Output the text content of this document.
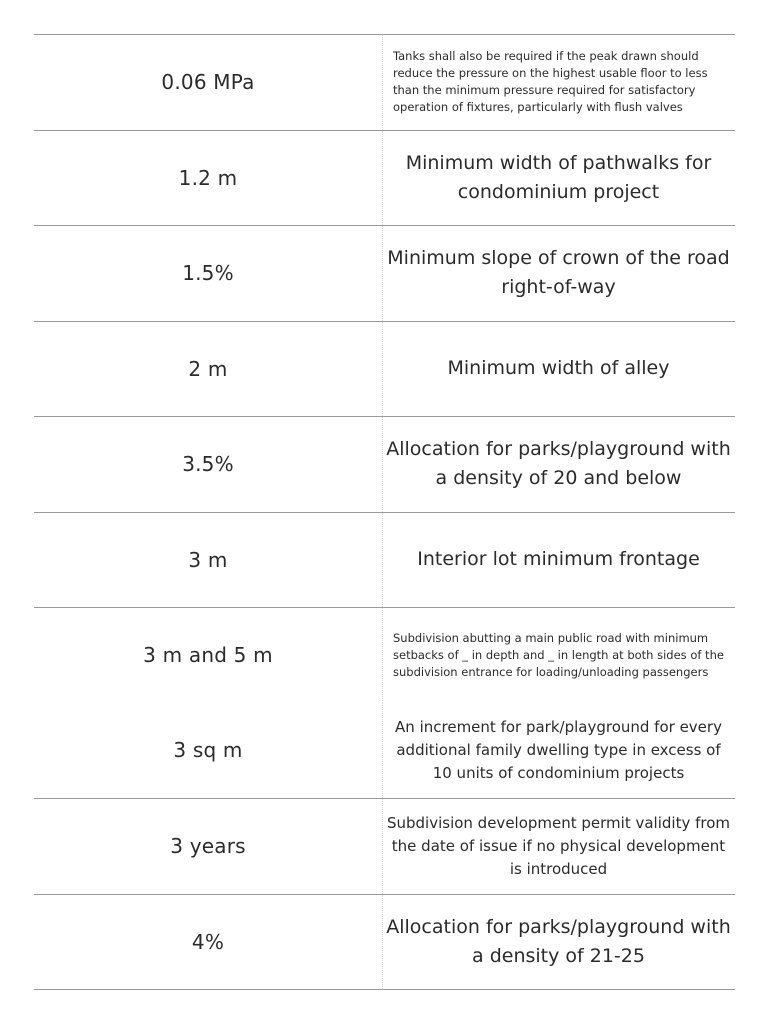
0.06 MPa
Tanks shall also be required if the peak drawn should reduce the pressure on the highest usable floor to less than the minimum pressure required for satisfactory operation of fixtures, particularly with flush valves
1.2 m
Minimum width of pathwalks for condominium project
1.5%
Minimum slope of crown of the road right-of-way
2 m	Minimum width of alley
3.5%
Allocation for parks/playground with a density of 20 and below
3 m	Interior lot minimum frontage
3 m and 5 m
Subdivision abutting a main public road with minimum setbacks of _ in depth and _ in length at both sides of the subdivision entrance for loading/unloading passengers
3 sq m
An increment for park/playground for every additional family dwelling type in excess of 10 units of condominium projects
3 years
Subdivision development permit validity from the date of issue if no physical development is introduced
4%
Allocation for parks/playground with a density of 21-25
